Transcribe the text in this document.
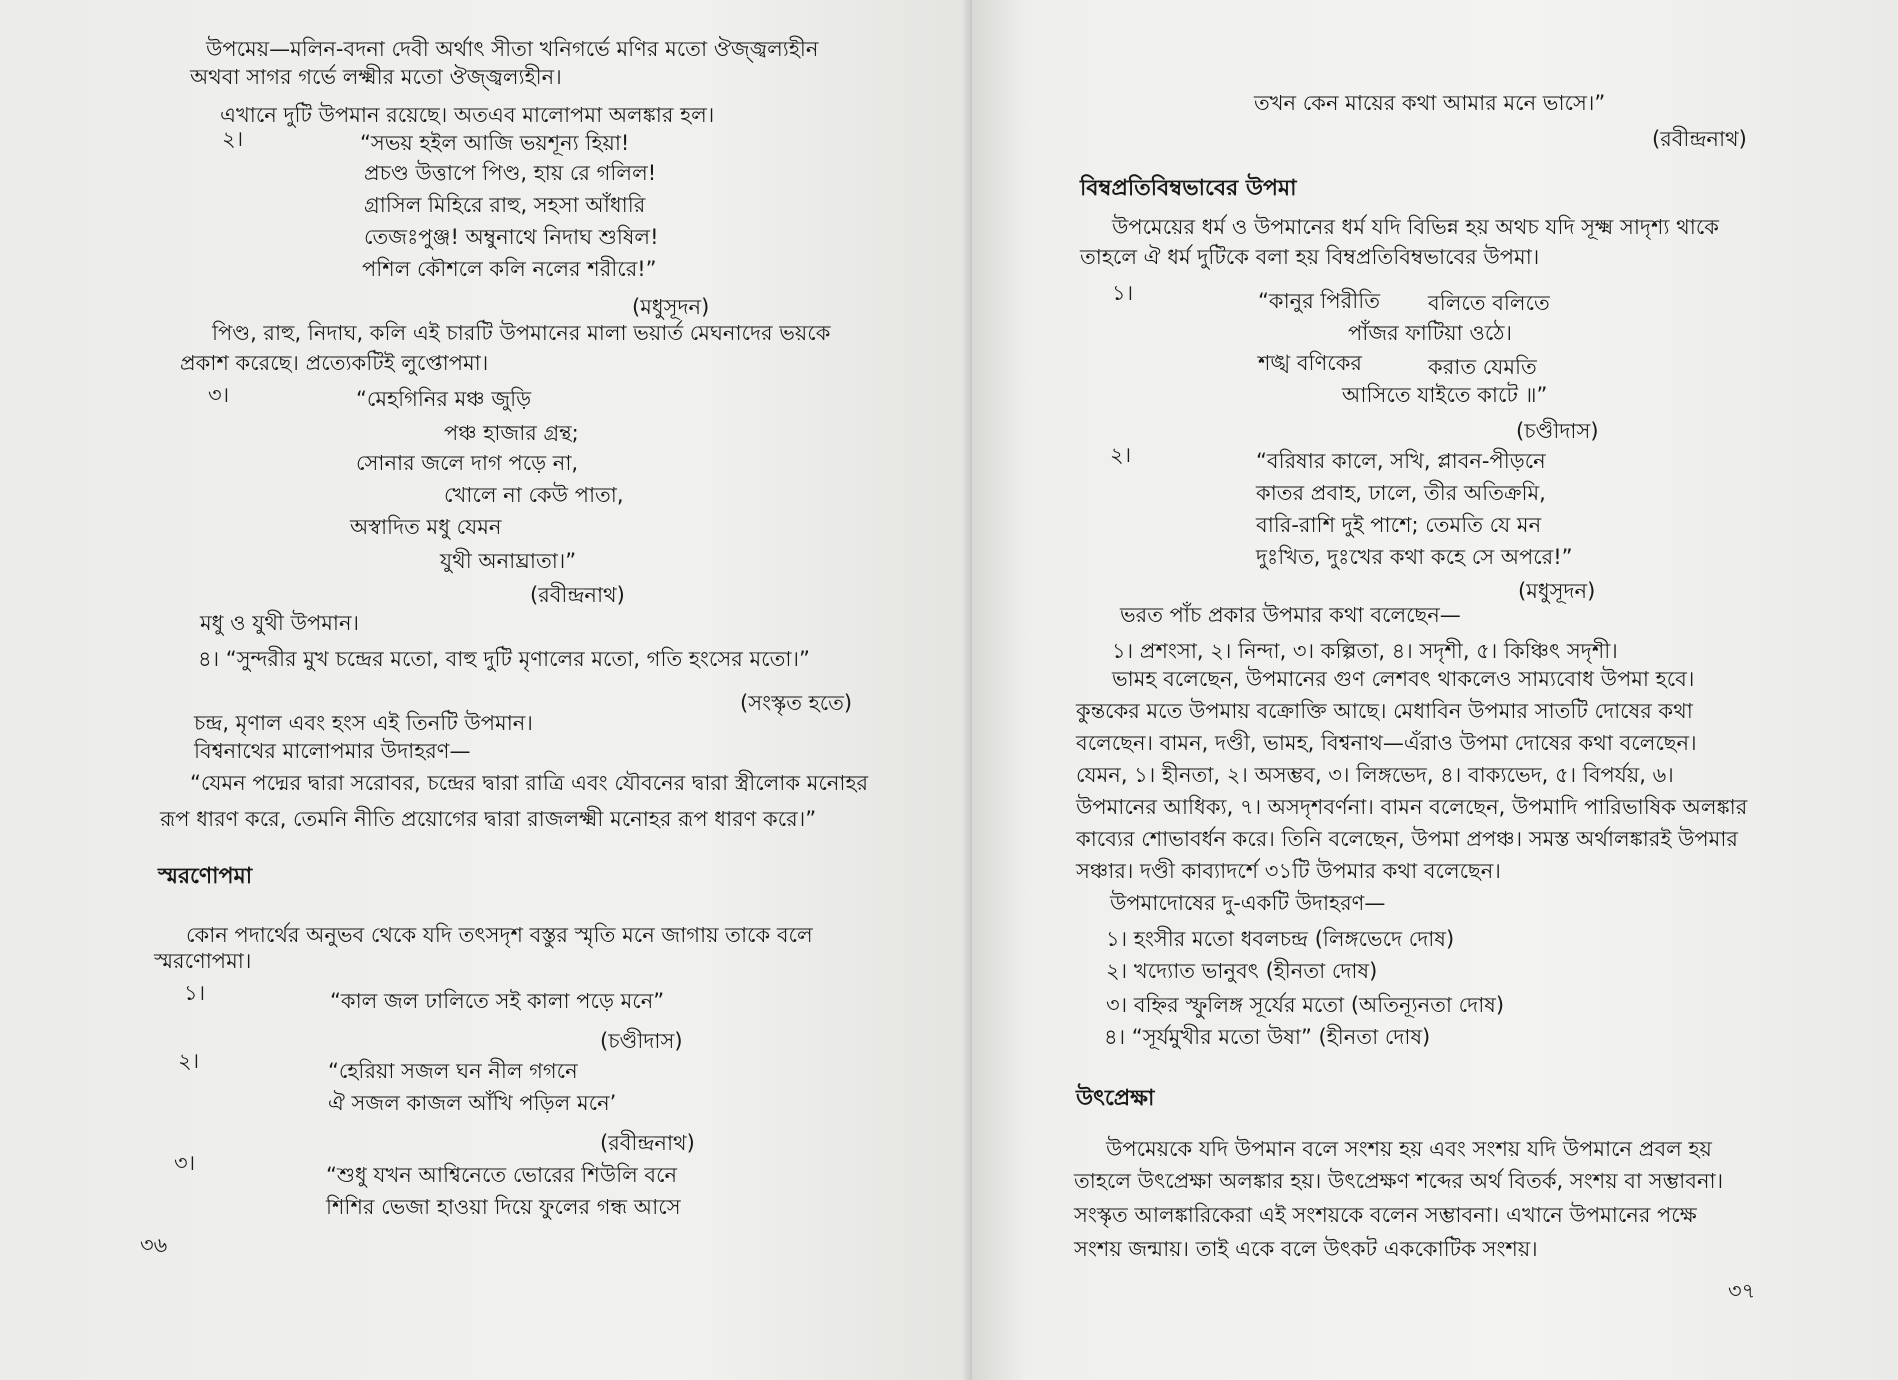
উপমেয়—মলিন-বদনা দেবী অর্থাৎ সীতা খনিগর্ভে মণির মতো ঔজ্জ্বল্যহীন
অথবা সাগর গর্ভে লক্ষ্মীর মতো ঔজ্জ্বল্যহীন।
এখানে দুটি উপমান রয়েছে। অতএব মালোপমা অলঙ্কার হল।
২।	“সভয় হইল আজি ভয়শূন্য হিয়া!
প্রচণ্ড উত্তাপে পিণ্ড, হায় রে গলিল!
গ্রাসিল মিহিরে রাহু, সহসা আঁধারি
তেজঃপুঞ্জ! অম্বুনাথে নিদাঘ শুষিল!
পশিল কৌশলে কলি নলের শরীরে!”
(মধুসূদন)
পিণ্ড, রাহু, নিদাঘ, কলি এই চারটি উপমানের মালা ভয়ার্ত মেঘনাদের ভয়কে
প্রকাশ করেছে। প্রত্যেকটিই লুপ্তোপমা।
৩।	“মেহগিনির মঞ্চ জুড়ি
পঞ্চ হাজার গ্রন্থ;
সোনার জলে দাগ পড়ে না,
খোলে না কেউ পাতা,
অস্বাদিত মধু যেমন
যুথী অনাঘ্রাতা।”
(রবীন্দ্রনাথ)
মধু ও যুথী উপমান।
৪। “সুন্দরীর মুখ চন্দ্রের মতো, বাহু দুটি মৃণালের মতো, গতি হংসের মতো।”
(সংস্কৃত হতে)
চন্দ্র, মৃণাল এবং হংস এই তিনটি উপমান।
বিশ্বনাথের মালোপমার উদাহরণ—
“যেমন পদ্মের দ্বারা সরোবর, চন্দ্রের দ্বারা রাত্রি এবং যৌবনের দ্বারা স্ত্রীলোক মনোহর
রূপ ধারণ করে, তেমনি নীতি প্রয়োগের দ্বারা রাজলক্ষ্মী মনোহর রূপ ধারণ করে।”
স্মরণোপমা
কোন পদার্থের অনুভব থেকে যদি তৎসদৃশ বস্তুর স্মৃতি মনে জাগায় তাকে বলে
স্মরণোপমা।
১।	“কাল জল ঢালিতে সই কালা পড়ে মনে”
(চণ্ডীদাস)
২।	“হেরিয়া সজল ঘন নীল গগনে
ঐ সজল কাজল আঁখি পড়িল মনে’
(রবীন্দ্রনাথ)
৩।	“শুধু যখন আশ্বিনেতে ভোরের শিউলি বনে
শিশির ভেজা হাওয়া দিয়ে ফুলের গন্ধ আসে
৩৬
তখন কেন মায়ের কথা আমার মনে ভাসে।”
(রবীন্দ্রনাথ)
বিম্বপ্রতিবিম্বভাবের উপমা
উপমেয়ের ধর্ম ও উপমানের ধর্ম যদি বিভিন্ন হয় অথচ যদি সূক্ষ্ম সাদৃশ্য থাকে
তাহলে ঐ ধর্ম দুটিকে বলা হয় বিম্বপ্রতিবিম্বভাবের উপমা।
১।	“কানুর পিরীতি বলিতে বলিতে
পাঁজর ফাটিয়া ওঠে।
শঙ্খ বণিকের	করাত যেমতি
আসিতে যাইতে কাটে ॥”
(চণ্ডীদাস)
২।	“বরিষার কালে, সখি, প্লাবন-পীড়নে
কাতর প্রবাহ, ঢালে, তীর অতিক্রমি,
বারি-রাশি দুই পাশে; তেমতি যে মন
দুঃখিত, দুঃখের কথা কহে সে অপরে!”
(মধুসূদন)
ভরত পাঁচ প্রকার উপমার কথা বলেছেন—
১। প্রশংসা, ২। নিন্দা, ৩। কল্পিতা, ৪। সদৃশী, ৫। কিঞ্চিৎ সদৃশী।
ভামহ বলেছেন, উপমানের গুণ লেশবৎ থাকলেও সাম্যবোধ উপমা হবে।
কুন্তকের মতে উপমায় বক্রোক্তি আছে। মেধাবিন উপমার সাতটি দোষের কথা
বলেছেন। বামন, দণ্ডী, ভামহ, বিশ্বনাথ—এঁরাও উপমা দোষের কথা বলেছেন।
যেমন, ১। হীনতা, ২। অসম্ভব, ৩। লিঙ্গভেদ, ৪। বাক্যভেদ, ৫। বিপর্যয়, ৬।
উপমানের আধিক্য, ৭। অসদৃশবর্ণনা। বামন বলেছেন, উপমাদি পারিভাষিক অলঙ্কার
কাব্যের শোভাবর্ধন করে। তিনি বলেছেন, উপমা প্রপঞ্চ। সমস্ত অর্থালঙ্কারই উপমার
সঞ্চার। দণ্ডী কাব্যাদর্শে ৩১টি উপমার কথা বলেছেন।
উপমাদোষের দু-একটি উদাহরণ—
১। হংসীর মতো ধবলচন্দ্র (লিঙ্গভেদে দোষ)
২। খদ্যোত ভানুবৎ (হীনতা দোষ)
৩। বহ্নির স্ফুলিঙ্গ সূর্যের মতো (অতিন্যূনতা দোষ)
৪। “সূর্যমুখীর মতো উষা” (হীনতা দোষ)
উৎপ্রেক্ষা
উপমেয়কে যদি উপমান বলে সংশয় হয় এবং সংশয় যদি উপমানে প্রবল হয়
তাহলে উৎপ্রেক্ষা অলঙ্কার হয়। উৎপ্রেক্ষণ শব্দের অর্থ বিতর্ক, সংশয় বা সম্ভাবনা।
সংস্কৃত আলঙ্কারিকেরা এই সংশয়কে বলেন সম্ভাবনা। এখানে উপমানের পক্ষে
সংশয় জন্মায়। তাই একে বলে উৎকট এককোটিক সংশয়।
৩৭
